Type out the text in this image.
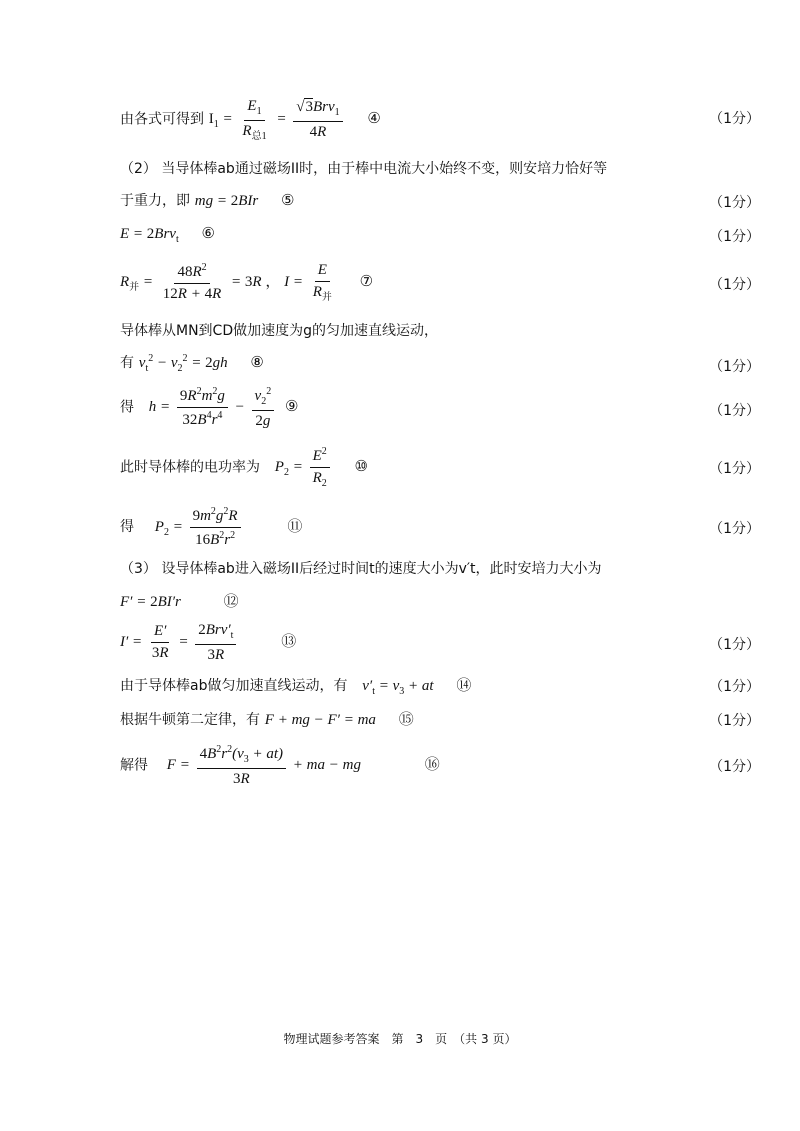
由各式可得到 $I_1 = \frac{E_1}{R_{总1}} = \frac{√3Brv_1}{4R}$ ④	（1分）
（2） 当导体棒ab通过磁场II时，由于棒中电流大小始终不变，则安培力恰好等
于重力，即 mg = 2BIr ⑤	（1分）
E = 2Brv$_t$ ⑥	（1分）
$R_并 = \frac{48R^2}{12R + 4R} = 3R$ ， $I = \frac{E}{R_并}$ ⑦	（1分）
导体棒从MN到CD做加速度为g的匀加速直线运动，
有 $v_t^2 - v_2^2 = 2gh$ ⑧	（1分）
得 $h = \frac{9R^2m^2g}{32B^4r^4} - \frac{v_2^2}{2g}$ ⑨	（1分）
此时导体棒的电功率为 $P_2 = \frac{E^2}{R_2}$ ⑩	（1分）
得 $P_2 = \frac{9m^2g^2R}{16B^2r^2}$	⑪	（1分）
（3） 设导体棒ab进入磁场II后经过时间t的速度大小为v′t，此时安培力大小为
F′ = 2BI′r	⑫
$I' = \frac{E'}{3R} = \frac{2Brv'_t}{3R}$	⑬	（1分）
由于导体棒ab做匀加速直线运动，有 $v'_t = v_3$ + at ⑭	（1分）
根据牛顿第二定律，有 F + mg − F′ = ma ⑮	（1分）
解得 $F = \frac{4B^2r^2(v_3 + at)}{3R}$ + ma − mg	⑯	（1分）
物理试题参考答案　第　3　页　（共 3 页）
